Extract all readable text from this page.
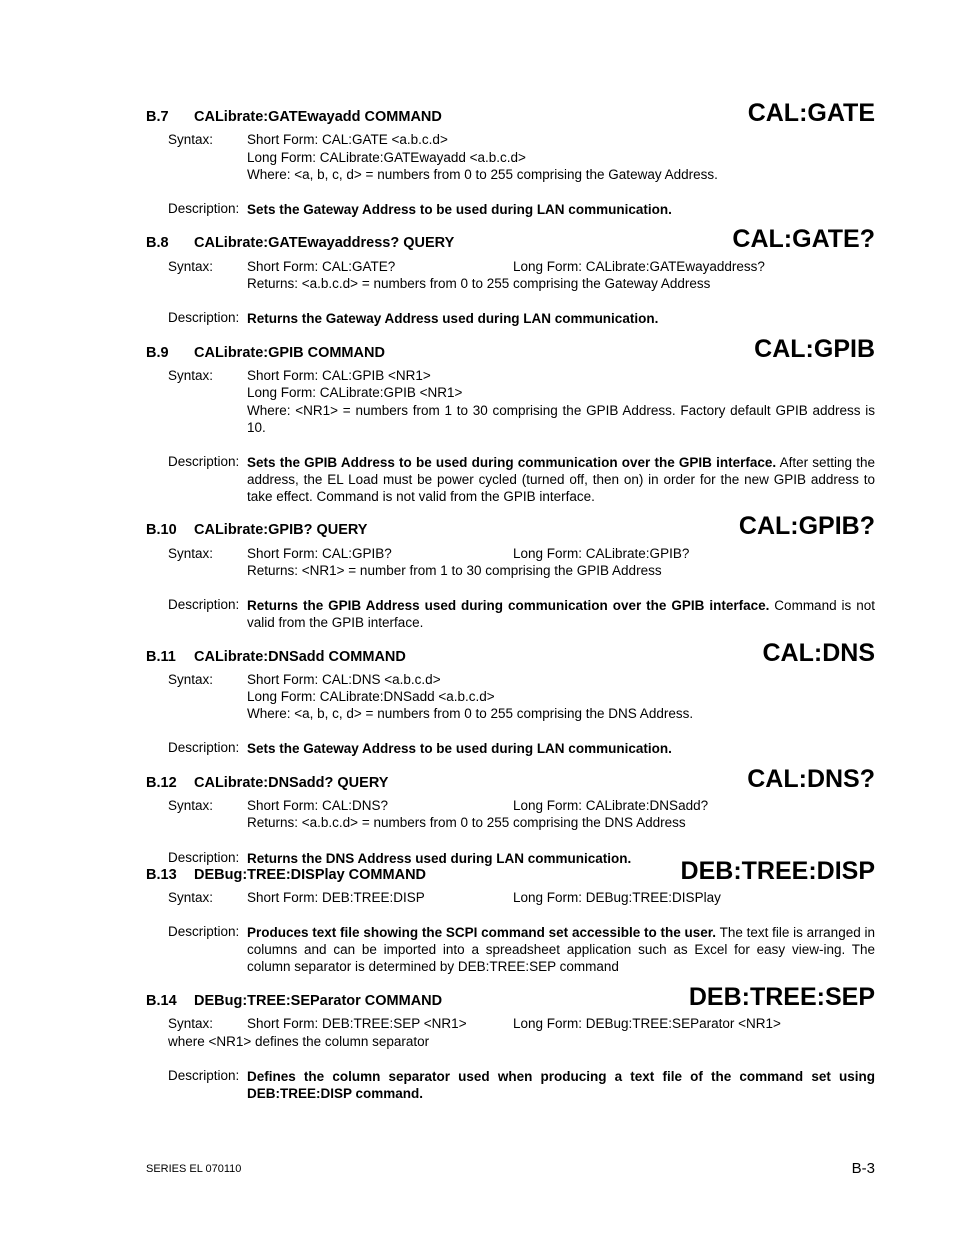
B.7 CALibrate:GATEwayadd COMMAND	CAL:GATE
Syntax:	Short Form: CAL:GATE <a.b.c.d>
Long Form: CALibrate:GATEwayadd <a.b.c.d>
Where: <a, b, c, d> = numbers from 0 to 255 comprising the Gateway Address.
Description: Sets the Gateway Address to be used during LAN communication.
B.8 CALibrate:GATEwayaddress? QUERY	CAL:GATE?
Syntax:	Short Form: CAL:GATE?	Long Form: CALibrate:GATEwayaddress?
Returns: <a.b.c.d> = numbers from 0 to 255 comprising the Gateway Address
Description: Returns the Gateway Address used during LAN communication.
B.9 CALibrate:GPIB COMMAND	CAL:GPIB
Syntax:	Short Form: CAL:GPIB <NR1>
Long Form: CALibrate:GPIB <NR1>
Where: <NR1> = numbers from 1 to 30 comprising the GPIB Address. Factory default GPIB address is 10.
Description: Sets the GPIB Address to be used during communication over the GPIB interface. After setting the address, the EL Load must be power cycled (turned off, then on) in order for the new GPIB address to take effect. Command is not valid from the GPIB interface.
B.10 CALibrate:GPIB? QUERY	CAL:GPIB?
Syntax:	Short Form: CAL:GPIB?	Long Form: CALibrate:GPIB?
Returns: <NR1> = number from 1 to 30 comprising the GPIB Address
Description: Returns the GPIB Address used during communication over the GPIB interface. Command is not valid from the GPIB interface.
B.11 CALibrate:DNSadd COMMAND	CAL:DNS
Syntax:	Short Form: CAL:DNS <a.b.c.d>
Long Form: CALibrate:DNSadd <a.b.c.d>
Where: <a, b, c, d> = numbers from 0 to 255 comprising the DNS Address.
Description: Sets the Gateway Address to be used during LAN communication.
B.12 CALibrate:DNSadd? QUERY	CAL:DNS?
Syntax:	Short Form: CAL:DNS?	Long Form: CALibrate:DNSadd?
Returns: <a.b.c.d> = numbers from 0 to 255 comprising the DNS Address
Description: Returns the DNS Address used during LAN communication.
B.13 DEBug:TREE:DISPlay COMMAND	DEB:TREE:DISP
Syntax:	Short Form: DEB:TREE:DISP	Long Form: DEBug:TREE:DISPlay
Description: Produces text file showing the SCPI command set accessible to the user. The text file is arranged in columns and can be imported into a spreadsheet application such as Excel for easy view-ing. The column separator is determined by DEB:TREE:SEP command
B.14 DEBug:TREE:SEParator COMMAND	DEB:TREE:SEP
Syntax:	Short Form: DEB:TREE:SEP <NR1>	Long Form: DEBug:TREE:SEParator <NR1>
where <NR1> defines the column separator
Description: Defines the column separator used when producing a text file of the command set using DEB:TREE:DISP command.
SERIES EL 070110	B-3
